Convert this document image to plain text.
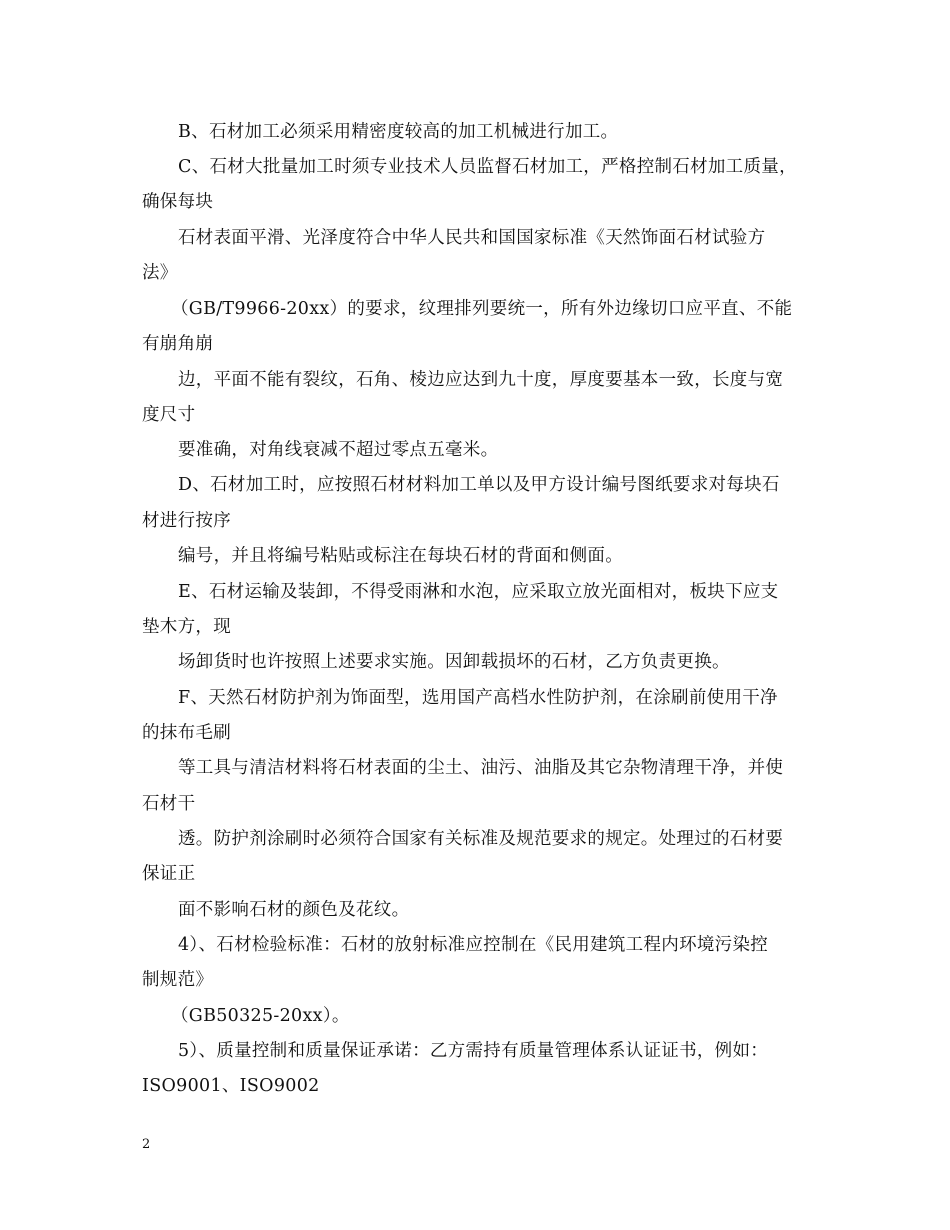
B、石材加工必须采用精密度较高的加工机械进行加工。
C、石材大批量加工时须专业技术人员监督石材加工，严格控制石材加工质量，
确保每块
石材表面平滑、光泽度符合中华人民共和国国家标准《天然饰面石材试验方
法》
（GB/T9966-20xx）的要求，纹理排列要统一，所有外边缘切口应平直、不能
有崩角崩
边，平面不能有裂纹，石角、棱边应达到九十度，厚度要基本一致，长度与宽
度尺寸
要准确，对角线衰减不超过零点五毫米。
D、石材加工时，应按照石材材料加工单以及甲方设计编号图纸要求对每块石
材进行按序
编号，并且将编号粘贴或标注在每块石材的背面和侧面。
E、石材运输及装卸，不得受雨淋和水泡，应采取立放光面相对，板块下应支
垫木方，现
场卸货时也许按照上述要求实施。因卸载损坏的石材，乙方负责更换。
F、天然石材防护剂为饰面型，选用国产高档水性防护剂，在涂刷前使用干净
的抹布毛刷
等工具与清洁材料将石材表面的尘土、油污、油脂及其它杂物清理干净，并使
石材干
透。防护剂涂刷时必须符合国家有关标准及规范要求的规定。处理过的石材要
保证正
面不影响石材的颜色及花纹。
4）、石材检验标准：石材的放射标准应控制在《民用建筑工程内环境污染控
制规范》
（GB50325-20xx）。
5）、质量控制和质量保证承诺：乙方需持有质量管理体系认证证书，例如：
ISO9001、ISO9002
2
